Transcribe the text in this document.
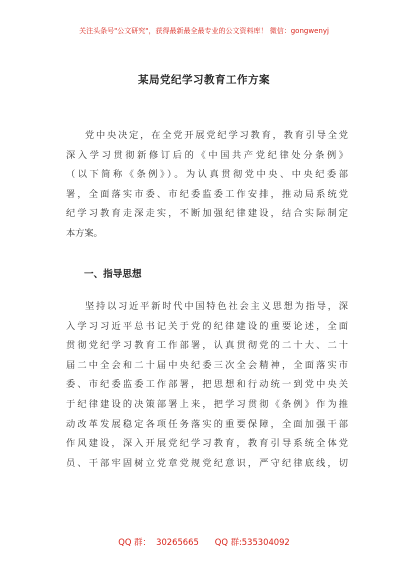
关注头条号"公文研究"，获得最新最全最专业的公文资料库！ 微信：gongwenyj
某局党纪学习教育工作方案
党中央决定，在全党开展党纪学习教育，教育引导全党
深入学习贯彻新修订后的《中国共产党纪律处分条例》
（以下简称《条例》）。为认真贯彻党中央、中央纪委部
署，全面落实市委、市纪委监委工作安排，推动局系统党
纪学习教育走深走实，不断加强纪律建设，结合实际制定
本方案。
一、指导思想
坚持以习近平新时代中国特色社会主义思想为指导，深
入学习习近平总书记关于党的纪律建设的重要论述，全面
贯彻党纪学习教育工作部署，认真贯彻党的二十大、二十
届二中全会和二十届中央纪委三次全会精神，全面落实市
委、市纪委监委工作部署，把思想和行动统一到党中央关
于纪律建设的决策部署上来，把学习贯彻《条例》作为推
动改革发展稳定各项任务落实的重要保障，全面加强干部
作风建设，深入开展党纪学习教育，教育引导系统全体党
员、干部牢固树立党章党规党纪意识，严守纪律底线，切
QQ 群：  30265665      QQ 群:535304092
